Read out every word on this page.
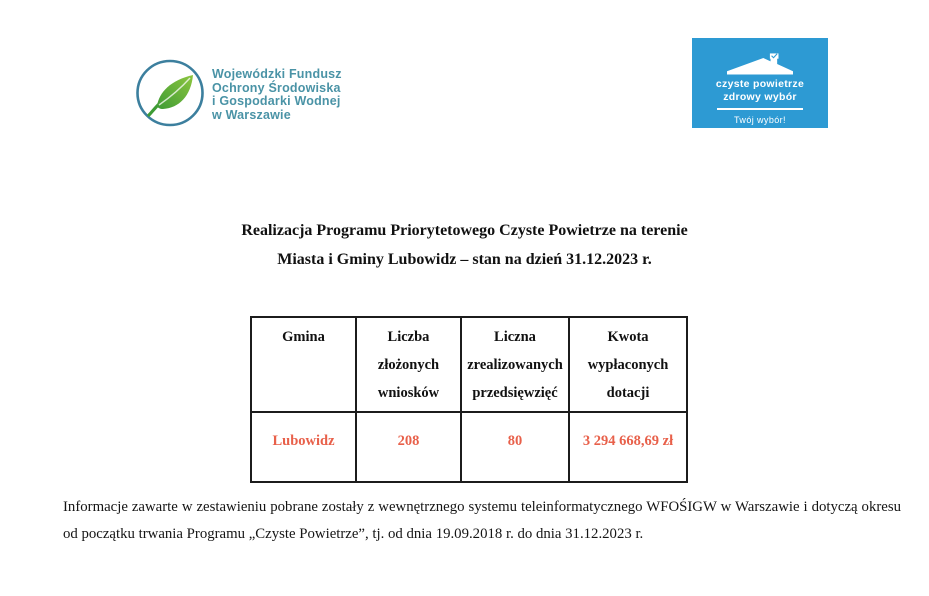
Wojewódzki Fundusz
Ochrony Środowiska
i Gospodarki Wodnej
w Warszawie
czyste powietrze
zdrowy wybór
Twój wybór!
Realizacja Programu Priorytetowego Czyste Powietrze na terenie
Miasta i Gminy Lubowidz – stan na dzień 31.12.2023 r.
Gmina	Liczba złożonych wniosków	Liczna zrealizowanych przedsięwzięć	Kwota wypłaconych dotacji
Lubowidz	208	80	3 294 668,69 zł
Informacje zawarte w zestawieniu pobrane zostały z wewnętrznego systemu teleinformatycznego WFOŚIGW w Warszawie i dotyczą okresu od początku trwania Programu „Czyste Powietrze”, tj. od dnia 19.09.2018 r. do dnia 31.12.2023 r.
